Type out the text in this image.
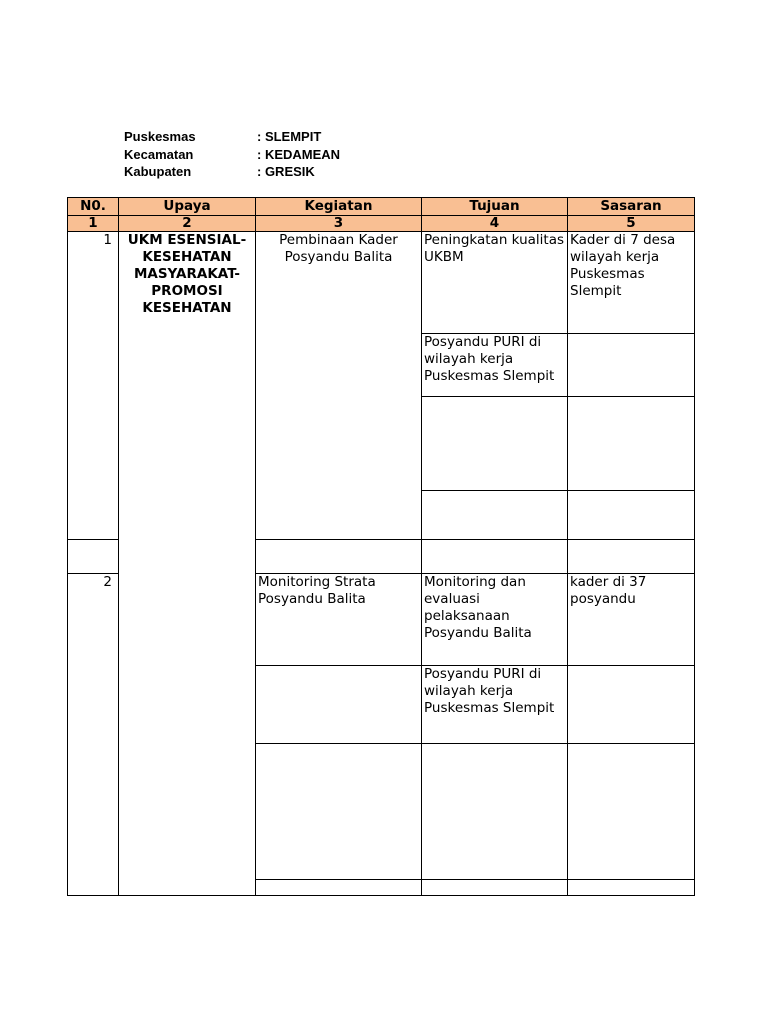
Puskesmas	: SLEMPIT
Kecamatan	: KEDAMEAN
Kabupaten	: GRESIK
N0.	Upaya	Kegiatan	Tujuan	Sasaran
1	2	3	4	5
1	UKM ESENSIAL-KESEHATAN MASYARAKAT-PROMOSI KESEHATAN	Pembinaan Kader Posyandu Balita	Peningkatan kualitas UKBM	Kader di 7 desa wilayah kerja Puskesmas Slempit
			Posyandu PURI di wilayah kerja Puskesmas Slempit	

2		Monitoring Strata Posyandu Balita	Monitoring dan evaluasi pelaksanaan Posyandu Balita	kader di 37 posyandu
			Posyandu PURI di wilayah kerja Puskesmas Slempit	
